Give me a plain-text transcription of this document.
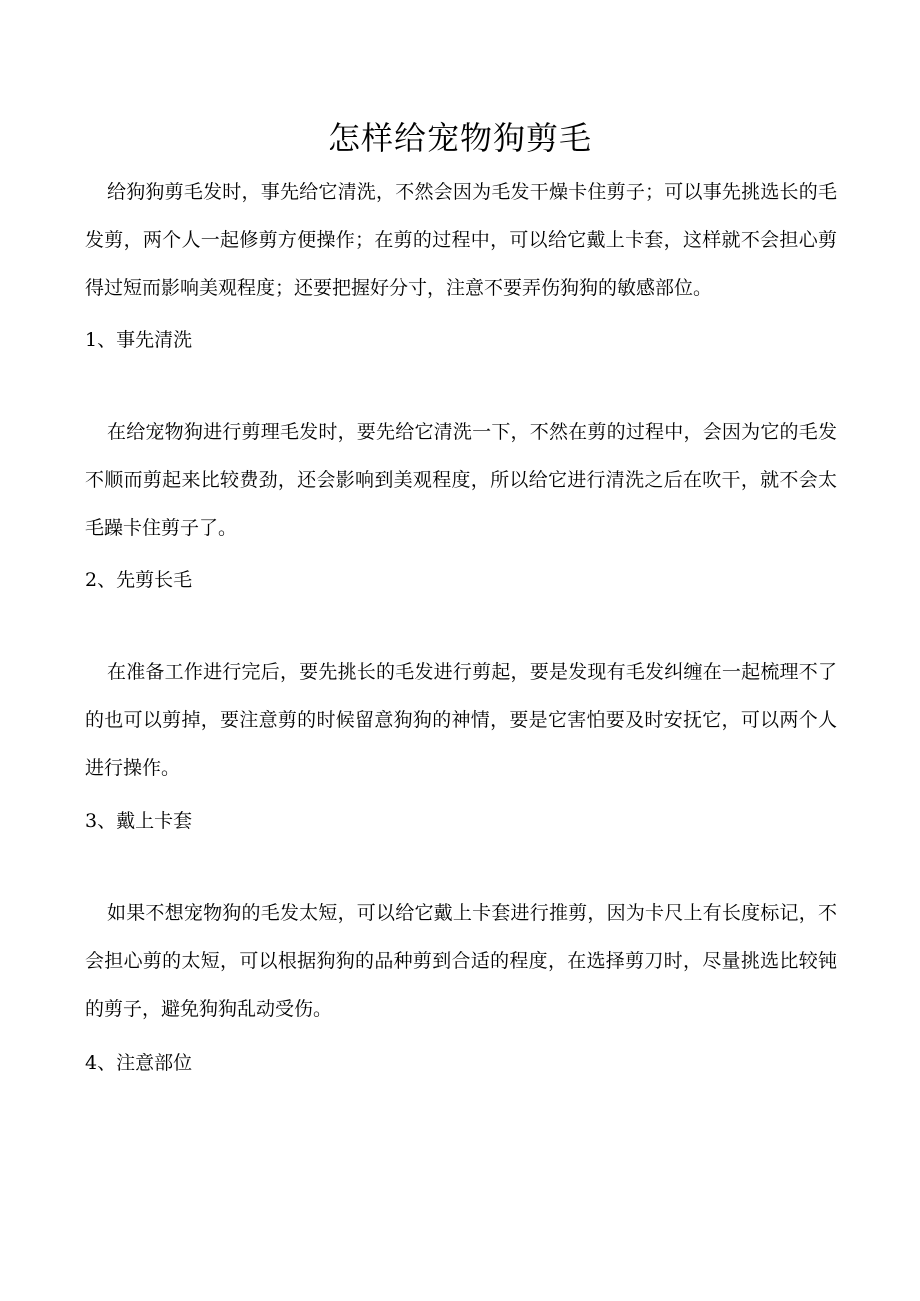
怎样给宠物狗剪毛

给狗狗剪毛发时，事先给它清洗，不然会因为毛发干燥卡住剪子；可以事先挑选长的毛发剪，两个人一起修剪方便操作；在剪的过程中，可以给它戴上卡套，这样就不会担心剪得过短而影响美观程度；还要把握好分寸，注意不要弄伤狗狗的敏感部位。

1、事先清洗

在给宠物狗进行剪理毛发时，要先给它清洗一下，不然在剪的过程中，会因为它的毛发不顺而剪起来比较费劲，还会影响到美观程度，所以给它进行清洗之后在吹干，就不会太毛躁卡住剪子了。

2、先剪长毛

在准备工作进行完后，要先挑长的毛发进行剪起，要是发现有毛发纠缠在一起梳理不了的也可以剪掉，要注意剪的时候留意狗狗的神情，要是它害怕要及时安抚它，可以两个人进行操作。

3、戴上卡套

如果不想宠物狗的毛发太短，可以给它戴上卡套进行推剪，因为卡尺上有长度标记，不会担心剪的太短，可以根据狗狗的品种剪到合适的程度，在选择剪刀时，尽量挑选比较钝的剪子，避免狗狗乱动受伤。

4、注意部位
